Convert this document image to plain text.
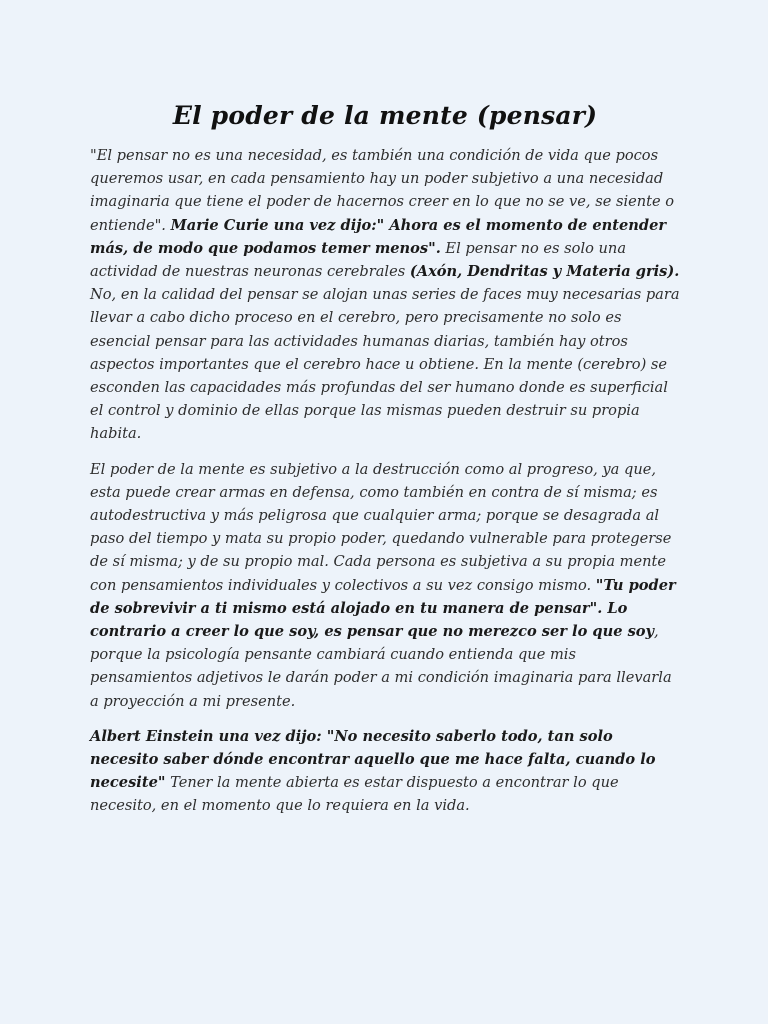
El poder de la mente (pensar)

"El pensar no es una necesidad, es también una condición de vida que pocos queremos usar, en cada pensamiento hay un poder subjetivo a una necesidad imaginaria que tiene el poder de hacernos creer en lo que no se ve, se siente o entiende". Marie Curie una vez dijo:" Ahora es el momento de entender más, de modo que podamos temer menos". El pensar no es solo una actividad de nuestras neuronas cerebrales (Axón, Dendritas y Materia gris). No, en la calidad del pensar se alojan unas series de faces muy necesarias para llevar a cabo dicho proceso en el cerebro, pero precisamente no solo es esencial pensar para las actividades humanas diarias, también hay otros aspectos importantes que el cerebro hace u obtiene. En la mente (cerebro) se esconden las capacidades más profundas del ser humano donde es superficial el control y dominio de ellas porque las mismas pueden destruir su propia habita.

El poder de la mente es subjetivo a la destrucción como al progreso, ya que, esta puede crear armas en defensa, como también en contra de sí misma; es autodestructiva y más peligrosa que cualquier arma; porque se desagrada al paso del tiempo y mata su propio poder, quedando vulnerable para protegerse de sí misma; y de su propio mal. Cada persona es subjetiva a su propia mente con pensamientos individuales y colectivos a su vez consigo mismo. "Tu poder de sobrevivir a ti mismo está alojado en tu manera de pensar". Lo contrario a creer lo que soy, es pensar que no merezco ser lo que soy, porque la psicología pensante cambiará cuando entienda que mis pensamientos adjetivos le darán poder a mi condición imaginaria para llevarla a proyección a mi presente.

Albert Einstein una vez dijo: "No necesito saberlo todo, tan solo necesito saber dónde encontrar aquello que me hace falta, cuando lo necesite" Tener la mente abierta es estar dispuesto a encontrar lo que necesito, en el momento que lo requiera en la vida.
